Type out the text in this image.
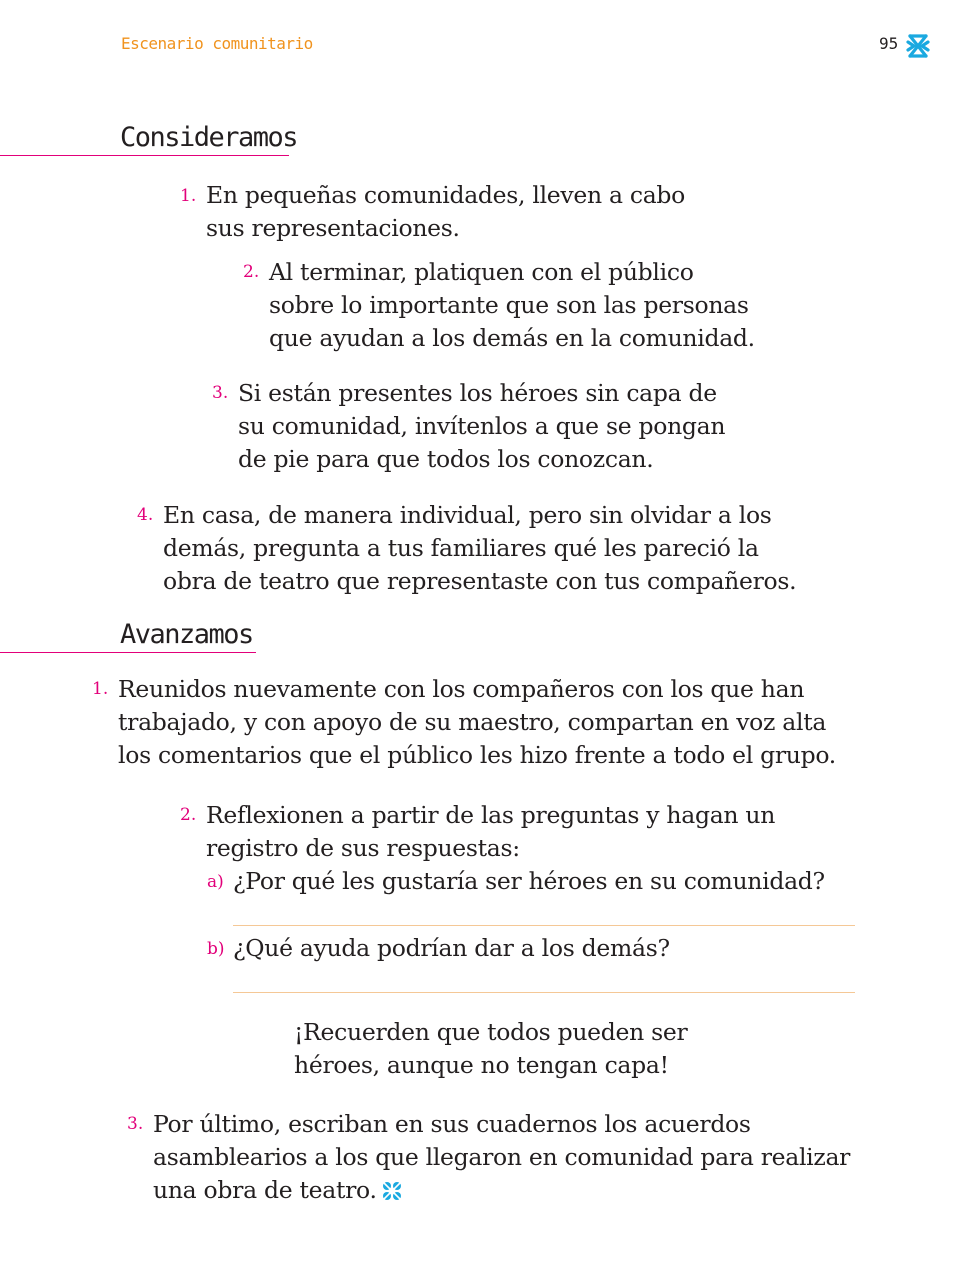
Escenario comunitario	95
Consideramos
1. En pequeñas comunidades, lleven a cabo
sus representaciones.
2. Al terminar, platiquen con el público
sobre lo importante que son las personas
que ayudan a los demás en la comunidad.
3. Si están presentes los héroes sin capa de
su comunidad, invítenlos a que se pongan
de pie para que todos los conozcan.
4. En casa, de manera individual, pero sin olvidar a los
demás, pregunta a tus familiares qué les pareció la
obra de teatro que representaste con tus compañeros.
Avanzamos
1. Reunidos nuevamente con los compañeros con los que han
trabajado, y con apoyo de su maestro, compartan en voz alta
los comentarios que el público les hizo frente a todo el grupo.
2. Reflexionen a partir de las preguntas y hagan un
registro de sus respuestas:
a) ¿Por qué les gustaría ser héroes en su comunidad?
b) ¿Qué ayuda podrían dar a los demás?
¡Recuerden que todos pueden ser
héroes, aunque no tengan capa!
3. Por último, escriban en sus cuadernos los acuerdos
asamblearios a los que llegaron en comunidad para realizar
una obra de teatro.
